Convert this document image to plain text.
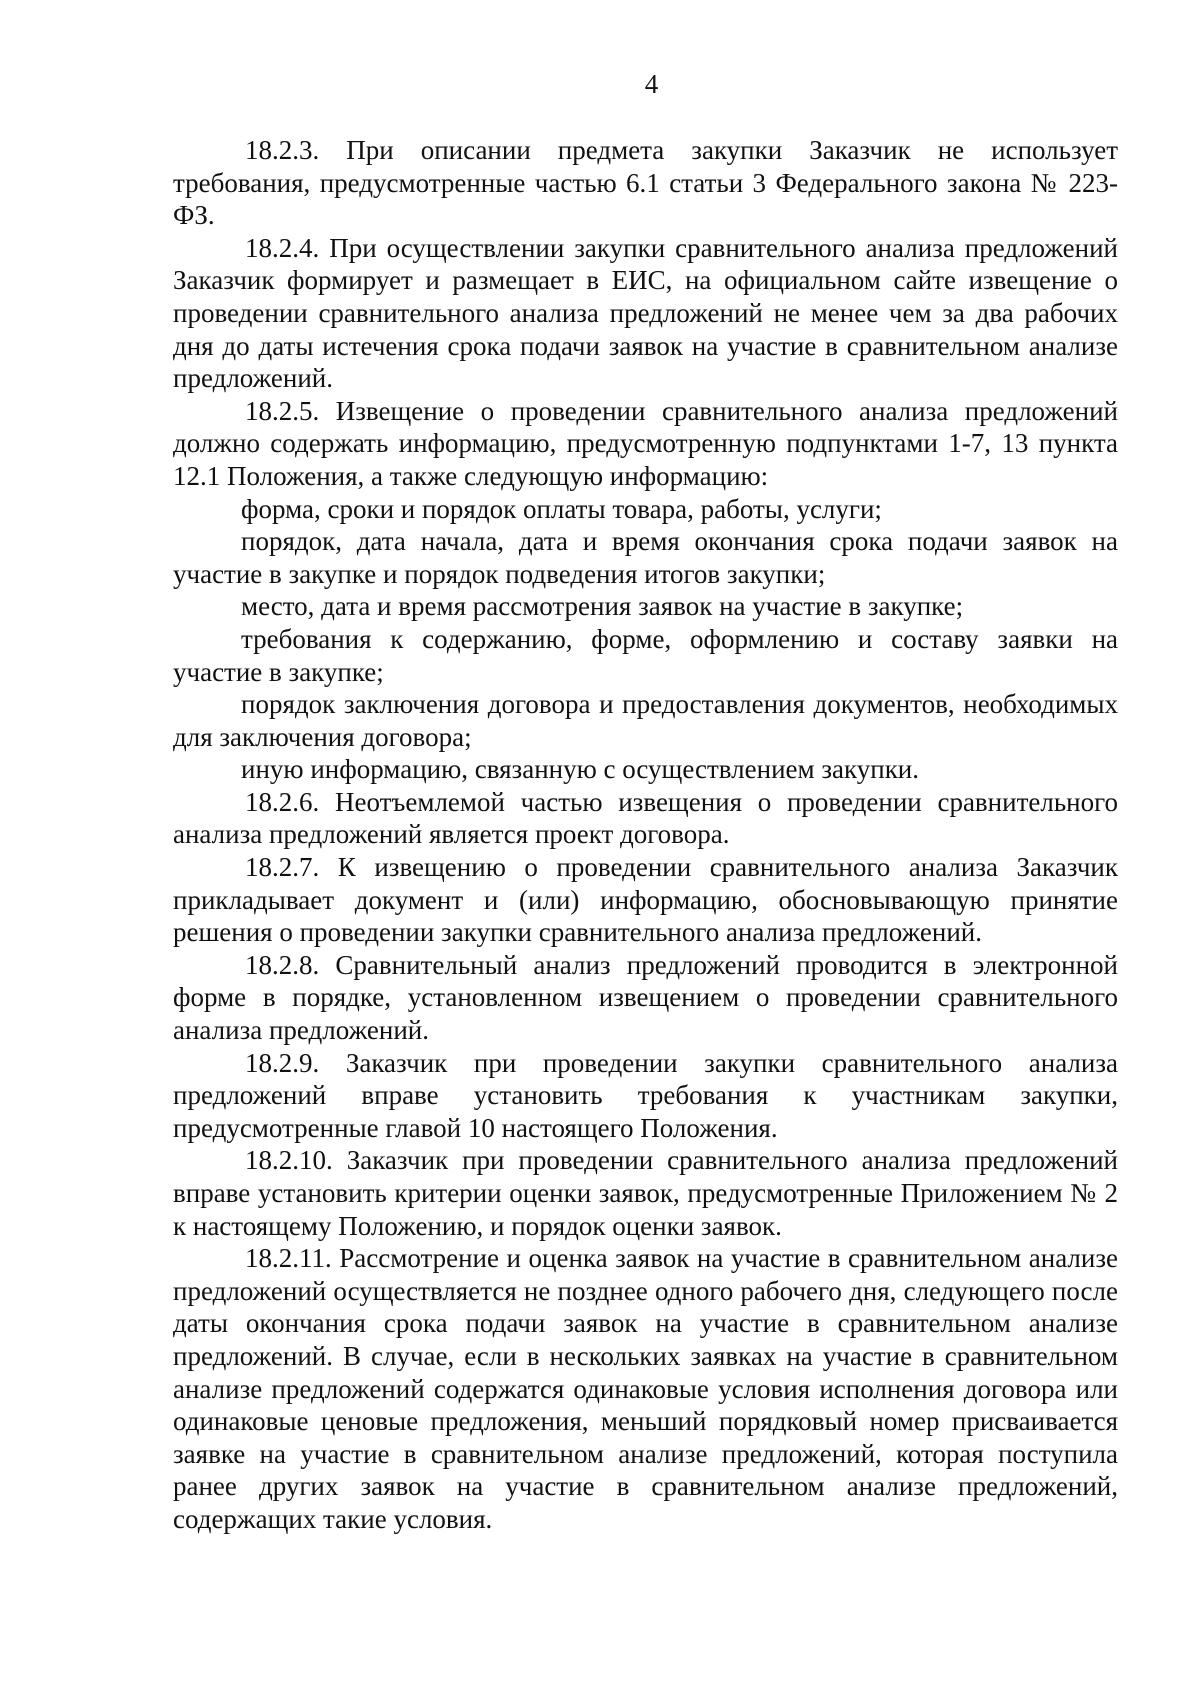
4

18.2.3. При описании предмета закупки Заказчик не использует требования, предусмотренные частью 6.1 статьи 3 Федерального закона № 223-ФЗ.

18.2.4. При осуществлении закупки сравнительного анализа предложений Заказчик формирует и размещает в ЕИС, на официальном сайте извещение о проведении сравнительного анализа предложений не менее чем за два рабочих дня до даты истечения срока подачи заявок на участие в сравнительном анализе предложений.

18.2.5. Извещение о проведении сравнительного анализа предложений должно содержать информацию, предусмотренную подпунктами 1-7, 13 пункта 12.1 Положения, а также следующую информацию:

форма, сроки и порядок оплаты товара, работы, услуги;

порядок, дата начала, дата и время окончания срока подачи заявок на участие в закупке и порядок подведения итогов закупки;

место, дата и время рассмотрения заявок на участие в закупке;

требования к содержанию, форме, оформлению и составу заявки на участие в закупке;

порядок заключения договора и предоставления документов, необходимых для заключения договора;

иную информацию, связанную с осуществлением закупки.

18.2.6. Неотъемлемой частью извещения о проведении сравнительного анализа предложений является проект договора.

18.2.7. К извещению о проведении сравнительного анализа Заказчик прикладывает документ и (или) информацию, обосновывающую принятие решения о проведении закупки сравнительного анализа предложений.

18.2.8. Сравнительный анализ предложений проводится в электронной форме в порядке, установленном извещением о проведении сравнительного анализа предложений.

18.2.9. Заказчик при проведении закупки сравнительного анализа предложений вправе установить требования к участникам закупки, предусмотренные главой 10 настоящего Положения.

18.2.10. Заказчик при проведении сравнительного анализа предложений вправе установить критерии оценки заявок, предусмотренные Приложением № 2 к настоящему Положению, и порядок оценки заявок.

18.2.11. Рассмотрение и оценка заявок на участие в сравнительном анализе предложений осуществляется не позднее одного рабочего дня, следующего после даты окончания срока подачи заявок на участие в сравнительном анализе предложений. В случае, если в нескольких заявках на участие в сравнительном анализе предложений содержатся одинаковые условия исполнения договора или одинаковые ценовые предложения, меньший порядковый номер присваивается заявке на участие в сравнительном анализе предложений, которая поступила ранее других заявок на участие в сравнительном анализе предложений, содержащих такие условия.
